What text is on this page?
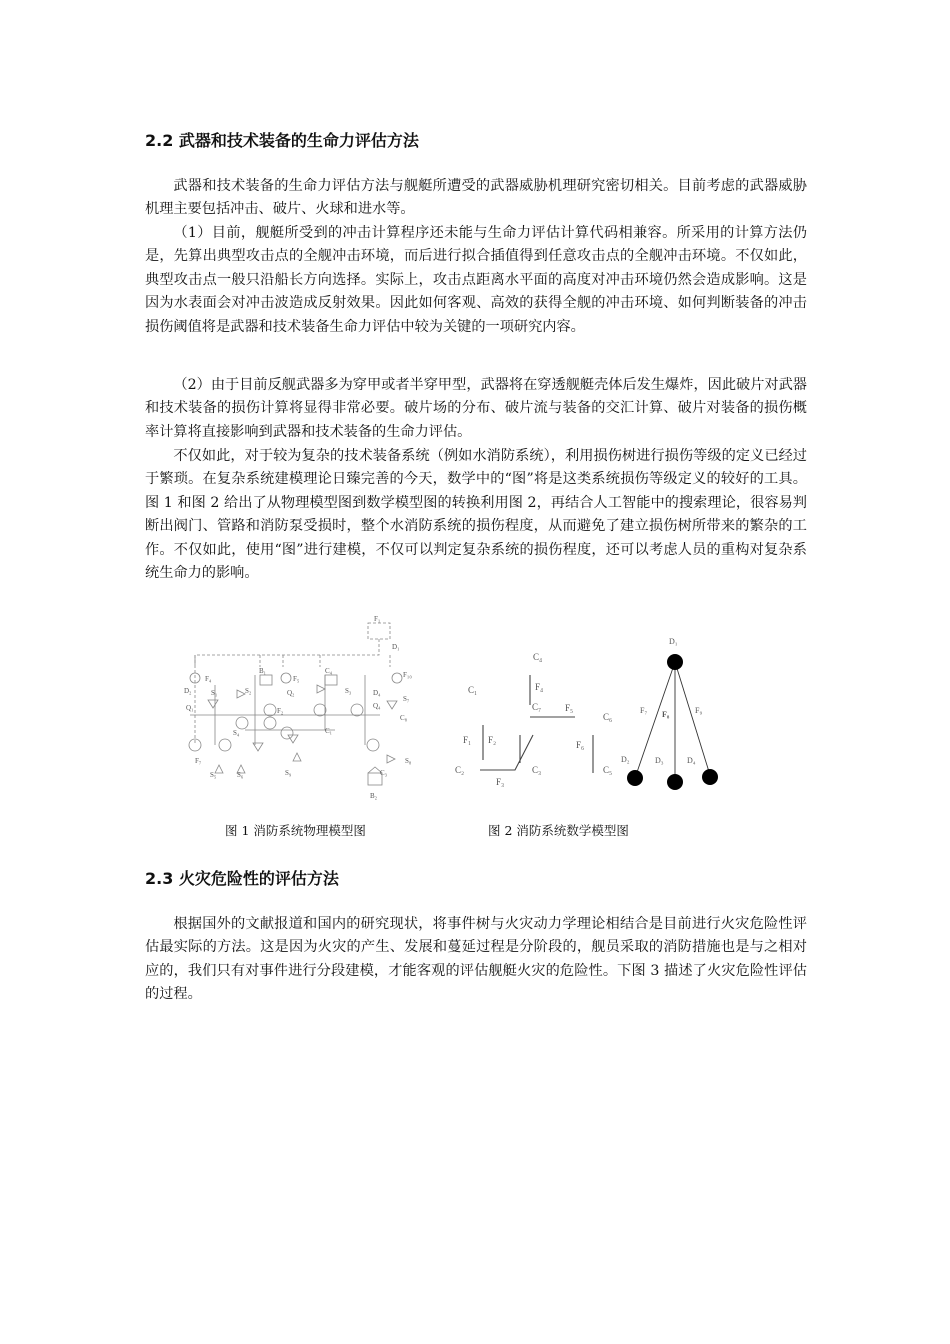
2.2 武器和技术装备的生命力评估方法

武器和技术装备的生命力评估方法与舰艇所遭受的武器威胁机理研究密切相关。目前考虑的武器威胁机理主要包括冲击、破片、火球和进水等。

（1）目前，舰艇所受到的冲击计算程序还未能与生命力评估计算代码相兼容。所采用的计算方法仍是，先算出典型攻击点的全舰冲击环境，而后进行拟合插值得到任意攻击点的全舰冲击环境。不仅如此，典型攻击点一般只沿船长方向选择。实际上，攻击点距离水平面的高度对冲击环境仍然会造成影响。这是因为水表面会对冲击波造成反射效果。因此如何客观、高效的获得全舰的冲击环境、如何判断装备的冲击损伤阈值将是武器和技术装备生命力评估中较为关键的一项研究内容。

（2）由于目前反舰武器多为穿甲或者半穿甲型，武器将在穿透舰艇壳体后发生爆炸，因此破片对武器和技术装备的损伤计算将显得非常必要。破片场的分布、破片流与装备的交汇计算、破片对装备的损伤概率计算将直接影响到武器和技术装备的生命力评估。

不仅如此，对于较为复杂的技术装备系统（例如水消防系统），利用损伤树进行损伤等级的定义已经过于繁琐。在复杂系统建模理论日臻完善的今天，数学中的“图”将是这类系统损伤等级定义的较好的工具。图 1 和图 2 给出了从物理模型图到数学模型图的转换利用图 2，再结合人工智能中的搜索理论，很容易判断出阀门、管路和消防泵受损时，整个水消防系统的损伤程度，从而避免了建立损伤树所带来的繁杂的工作。不仅如此，使用“图”进行建模，不仅可以判定复杂系统的损伤程度，还可以考虑人员的重构对复杂系统生命力的影响。

F₁
D₁
F₄	F₅	F₁₀
D₂	D₄
Q₁
Q₂
Q₄
B₁	C₄
C₈
S₁	S₂	S₃
S₇
S₈
S₅	S₆	S₉
F₂
F₇
C₁
S₄
B₂
C₃
C₄
F₄
C₁
C₇	F₅
C₆
F₁ F₂	F₆
C₂	C₃	C₅
F₃
D₁
F₇ F₈	F₉
D₂	D₃	D₄

图 1 消防系统物理模型图	图 2 消防系统数学模型图

2.3 火灾危险性的评估方法

根据国外的文献报道和国内的研究现状，将事件树与火灾动力学理论相结合是目前进行火灾危险性评估最实际的方法。这是因为火灾的产生、发展和蔓延过程是分阶段的，舰员采取的消防措施也是与之相对应的，我们只有对事件进行分段建模，才能客观的评估舰艇火灾的危险性。下图 3 描述了火灾危险性评估的过程。
